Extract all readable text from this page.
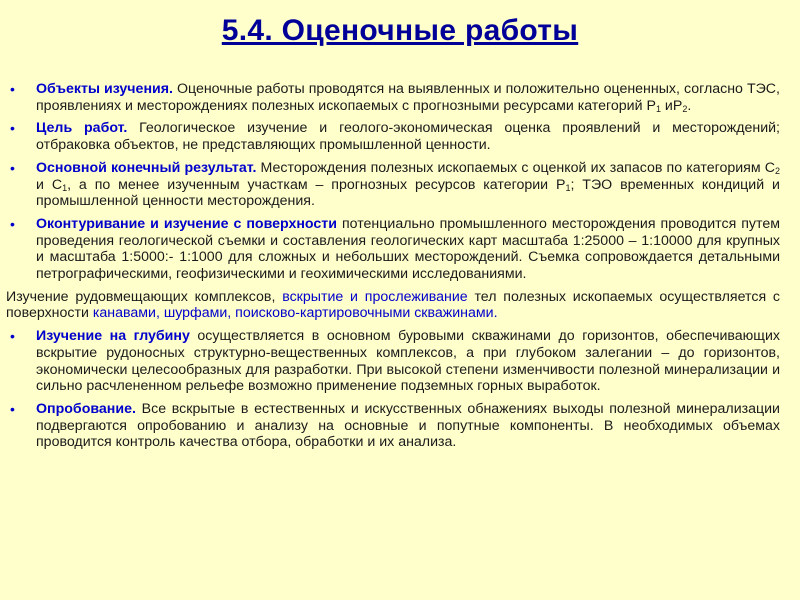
5.4. Оценочные работы
• Объекты изучения. Оценочные работы проводятся на выявленных и положительно оцененных, согласно ТЭС, проявлениях и месторождениях полезных ископаемых с прогнозными ресурсами категорий $Р_1$ $иР_2$.
• Цель работ. Геологическое изучение и геолого-экономическая оценка проявлений и месторождений; отбраковка объектов, не представляющих промышленной ценности.
• Основной конечный результат. Месторождения полезных ископаемых с оценкой их запасов по категориям $С_2$ и $С_1$, а по менее изученным участкам – прогнозных ресурсов категории $Р_1$; ТЭО временных кондиций и промышленной ценности месторождения.
• Оконтуривание и изучение с поверхности потенциально промышленного месторождения проводится путем проведения геологической съемки и составления геологических карт масштаба 1:25000 – 1:10000 для крупных и масштаба 1:5000:- 1:1000 для сложных и небольших месторождений. Съемка сопровождается детальными петрографическими, геофизическими и геохимическими исследованиями.
Изучение рудовмещающих комплексов, вскрытие и прослеживание тел полезных ископаемых осуществляется с поверхности канавами, шурфами, поисково-картировочными скважинами.
• Изучение на глубину осуществляется в основном буровыми скважинами до горизонтов, обеспечивающих вскрытие рудоносных структурно-вещественных комплексов, а при глубоком залегании – до горизонтов, экономически целесообразных для разработки. При высокой степени изменчивости полезной минерализации и сильно расчлененном рельефе возможно применение подземных горных выработок.
• Опробование. Все вскрытые в естественных и искусственных обнажениях выходы полезной минерализации подвергаются опробованию и анализу на основные и попутные компоненты. В необходимых объемах проводится контроль качества отбора, обработки и их анализа.
